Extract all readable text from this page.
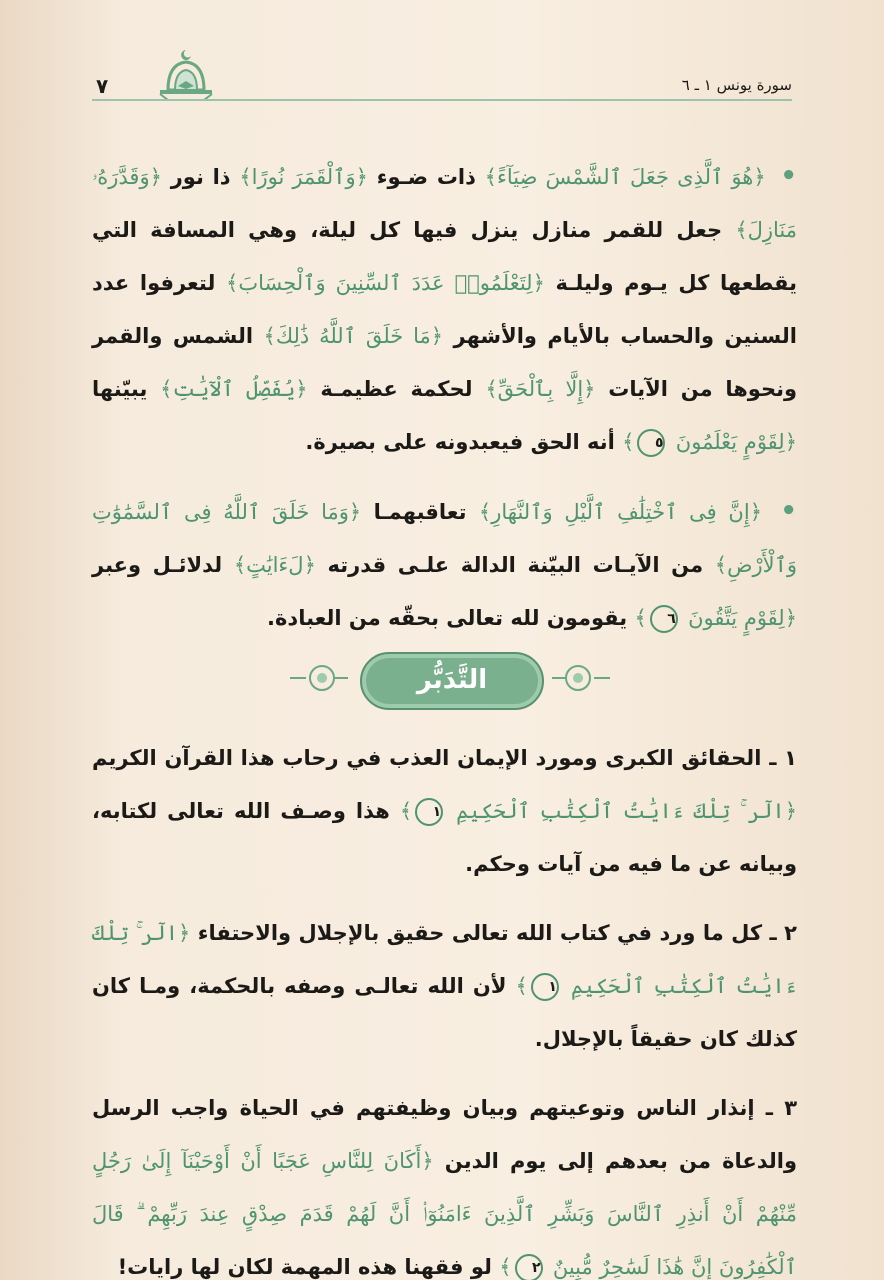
٧	سورة يونس ١ ـ ٦

• ﴿هُوَ ٱلَّذِى جَعَلَ ٱلشَّمْسَ ضِيَآءً﴾ ذات ضـوء ﴿وَٱلْقَمَرَ نُورًا﴾ ذا نور ﴿وَقَدَّرَهُۥ مَنَازِلَ﴾ جعل للقمر منازل ينزل فيها كل ليلة، وهي المسافة التي يقطعها كل يـوم وليلـة ﴿لِتَعْلَمُوا۟ عَدَدَ ٱلسِّنِينَ وَٱلْحِسَابَ﴾ لتعرفوا عدد السنين والحساب بالأيام والأشهر ﴿مَا خَلَقَ ٱللَّهُ ذَٰلِكَ﴾ الشمس والقمر ونحوها من الآيات ﴿إِلَّا بِٱلْحَقِّ﴾ لحكمة عظيمـة ﴿يُفَصِّلُ ٱلْآيَٰتِ﴾ يبيّنها ﴿لِقَوْمٍ يَعْلَمُونَ ٥﴾ أنه الحق فيعبدونه على بصيرة.

• ﴿إِنَّ فِى ٱخْتِلَٰفِ ٱلَّيْلِ وَٱلنَّهَارِ﴾ تعاقبهمـا ﴿وَمَا خَلَقَ ٱللَّهُ فِى ٱلسَّمَٰوَٰتِ وَٱلْأَرْضِ﴾ من الآيـات البيّنة الدالة علـى قدرته ﴿لَءَايَٰتٍ﴾ لدلائـل وعبر ﴿لِقَوْمٍ يَتَّقُونَ ٦﴾ يقومون لله تعالى بحقّه من العبادة.

التَّدَبُّر

١ ـ الحقائق الكبرى ومورد الإيمان العذب في رحاب هذا القرآن الكريم ﴿الٓر ۚ تِلْكَ ءَايَٰتُ ٱلْكِتَٰبِ ٱلْحَكِيمِ ١﴾ هذا وصـف الله تعالى لكتابه، وبيانه عن ما فيه من آيات وحكم.

٢ ـ كل ما ورد في كتاب الله تعالى حقيق بالإجلال والاحتفاء ﴿الٓر ۚ تِلْكَ ءَايَٰتُ ٱلْكِتَٰبِ ٱلْحَكِيمِ ١﴾ لأن الله تعالـى وصفه بالحكمة، ومـا كان كذلك كان حقيقاً بالإجلال.

٣ ـ إنذار الناس وتوعيتهم وبيان وظيفتهم في الحياة واجب الرسل والدعاة من بعدهم إلى يوم الدين ﴿أَكَانَ لِلنَّاسِ عَجَبًا أَنْ أَوْحَيْنَآ إِلَىٰ رَجُلٍ مِّنْهُمْ أَنْ أَنذِرِ ٱلنَّاسَ وَبَشِّرِ ٱلَّذِينَ ءَامَنُوٓا۟ أَنَّ لَهُمْ قَدَمَ صِدْقٍ عِندَ رَبِّهِمْ ۗ قَالَ ٱلْكَٰفِرُونَ إِنَّ هَٰذَا لَسَٰحِرٌ مُّبِينٌ ٢﴾ لو فقهنا هذه المهمة لكان لها رايات!
